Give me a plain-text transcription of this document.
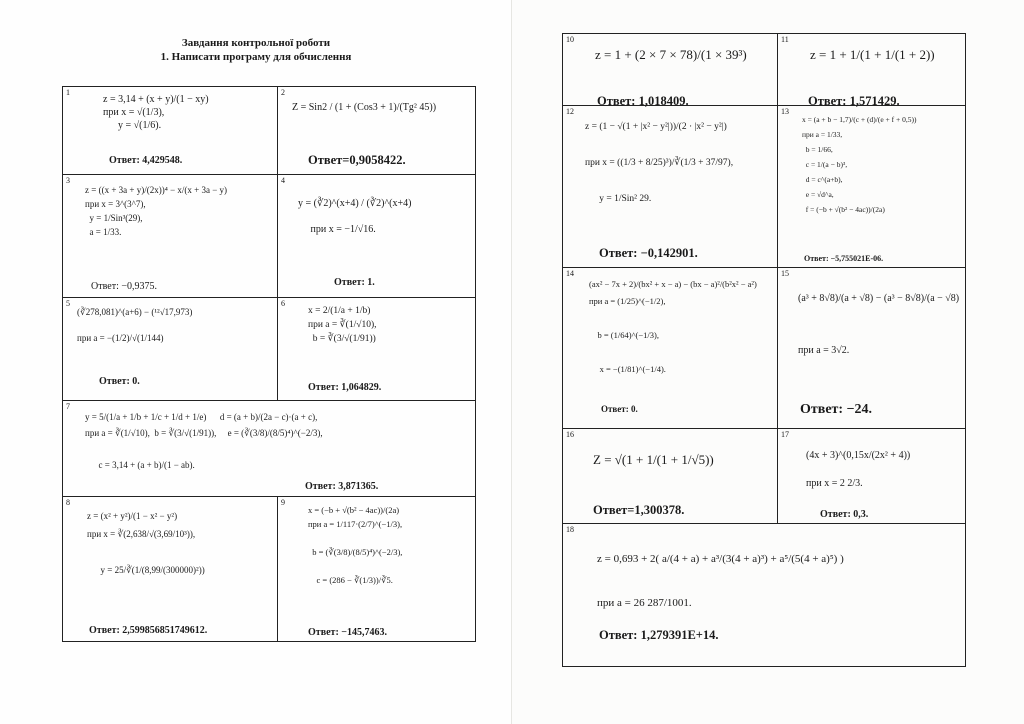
Завдання контрольної роботи
1. Написати програму для обчислення
1
z = 3,14 + (x + y)/(1 − xy)
при x = √(1/3),
y = √(1/6).
Ответ: 4,429548.
2
Z = Sin2 / (1 + (Cos3 + 1)/(Tg² 45))
Ответ=0,9058422.
3
z = ((x + 3a + y)/(2x))⁴ − x/(x + 3a − y)
при x = 3^(3^7),
y = 1/Sin³(29),
a = 1/33.
Ответ: −0,9375.
4
y = (∛2)^(x+4) / (∛2)^(x+4)

при x = −1/√16.
Ответ: 1.
5
(∛278,081)^(a+6) − (¹²√17,973)

при a = −(1/2)/√(1/144)
Ответ: 0.
6
x = 2/(1/a + 1/b)
при a = ∛(1/√10),
b = ∛(3/√(1/91))
Ответ: 1,064829.
7
y = 5/(1/a + 1/b + 1/c + 1/d + 1/e)      d = (a + b)/(2a − c)·(a + c),
при a = ∛(1/√10),  b = ∛(3/√(1/91)),     e = (∛(3/8)/(8/5)⁴)^(−2/3),

c = 3,14 + (a + b)/(1 − ab).
Ответ: 3,871365.
8
z = (x² + y²)/(1 − x² − y²)
при x = ∛(2,638/√(3,69/10³)),

y = 25/∛(1/(8,99/(300000)²))
Ответ: 2,599856851749612.
9
x = (−b + √(b² − 4ac))/(2a)
при a = 1/117·(2/7)^(−1/3),

b = (∛(3/8)/(8/5)⁴)^(−2/3),

c = (286 − ∛(1/3))/∛5.
Ответ: −145,7463.
10
z = 1 + (2 × 7 × 78)/(1 × 39³)
Ответ: 1,018409.
11
z = 1 + 1/(1 + 1/(1 + 2))
Ответ: 1,571429.
12
z = (1 − √(1 + |x² − y²|))/(2 · |x² − y²|)

при x = ((1/3 + 8/25)³)/∛(1/3 + 37/97),

y = 1/Sin² 29.
Ответ: −0,142901.
13
x = (a + b − 1,7)/(c + (d)/(e + f + 0,5))
при a = 1/33,
b = 1/66,
c = 1/(a − b)³,
d = c^(a+b),
e = √d^a,
f = (−b + √(b² − 4ac))/(2a)
Ответ: −5,755021E-06.
14
(ax² − 7x + 2)/(bx² + x − a) − (bx − a)²/(b²x² − a²)
при a = (1/25)^(−1/2),

b = (1/64)^(−1/3),

x = −(1/81)^(−1/4).
Ответ: 0.
15
(a³ + 8√8)/(a + √8) − (a³ − 8√8)/(a − √8)

при a = 3√2.
Ответ: −24.
16
Z = √(1 + 1/(1 + 1/√5))
Ответ=1,300378.
17
(4x + 3)^(0,15x/(2x² + 4))

при x = 2 2/3.
Ответ: 0,3.
18
z = 0,693 + 2( a/(4 + a) + a³/(3(4 + a)³) + a⁵/(5(4 + a)⁵) )

при a = 26 287/1001.
Ответ: 1,279391E+14.
